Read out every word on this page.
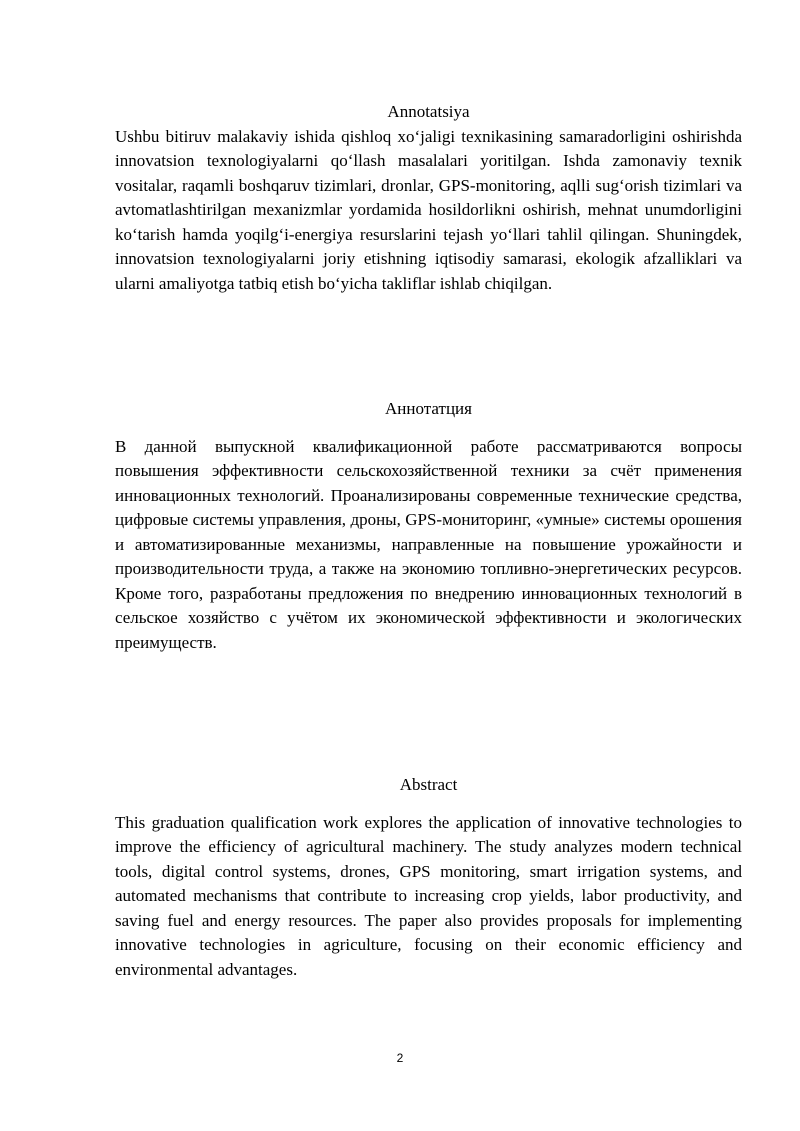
Annotatsiya

Ushbu bitiruv malakaviy ishida qishloq xo‘jaligi texnikasining samaradorligini oshirishda innovatsion texnologiyalarni qo‘llash masalalari yoritilgan. Ishda zamonaviy texnik vositalar, raqamli boshqaruv tizimlari, dronlar, GPS-monitoring, aqlli sug‘orish tizimlari va avtomatlashtirilgan mexanizmlar yordamida hosildorlikni oshirish, mehnat unumdorligini ko‘tarish hamda yoqilg‘i-energiya resurslarini tejash yo‘llari tahlil qilingan. Shuningdek, innovatsion texnologiyalarni joriy etishning iqtisodiy samarasi, ekologik afzalliklari va ularni amaliyotga tatbiq etish bo‘yicha takliflar ishlab chiqilgan.

Аннотатция

В данной выпускной квалификационной работе рассматриваются вопросы повышения эффективности сельскохозяйственной техники за счёт применения инновационных технологий. Проанализированы современные технические средства, цифровые системы управления, дроны, GPS-мониторинг, «умные» системы орошения и автоматизированные механизмы, направленные на повышение урожайности и производительности труда, а также на экономию топливно-энергетических ресурсов. Кроме того, разработаны предложения по внедрению инновационных технологий в сельское хозяйство с учётом их экономической эффективности и экологических преимуществ.

Abstract

This graduation qualification work explores the application of innovative technologies to improve the efficiency of agricultural machinery. The study analyzes modern technical tools, digital control systems, drones, GPS monitoring, smart irrigation systems, and automated mechanisms that contribute to increasing crop yields, labor productivity, and saving fuel and energy resources. The paper also provides proposals for implementing innovative technologies in agriculture, focusing on their economic efficiency and environmental advantages.

2
